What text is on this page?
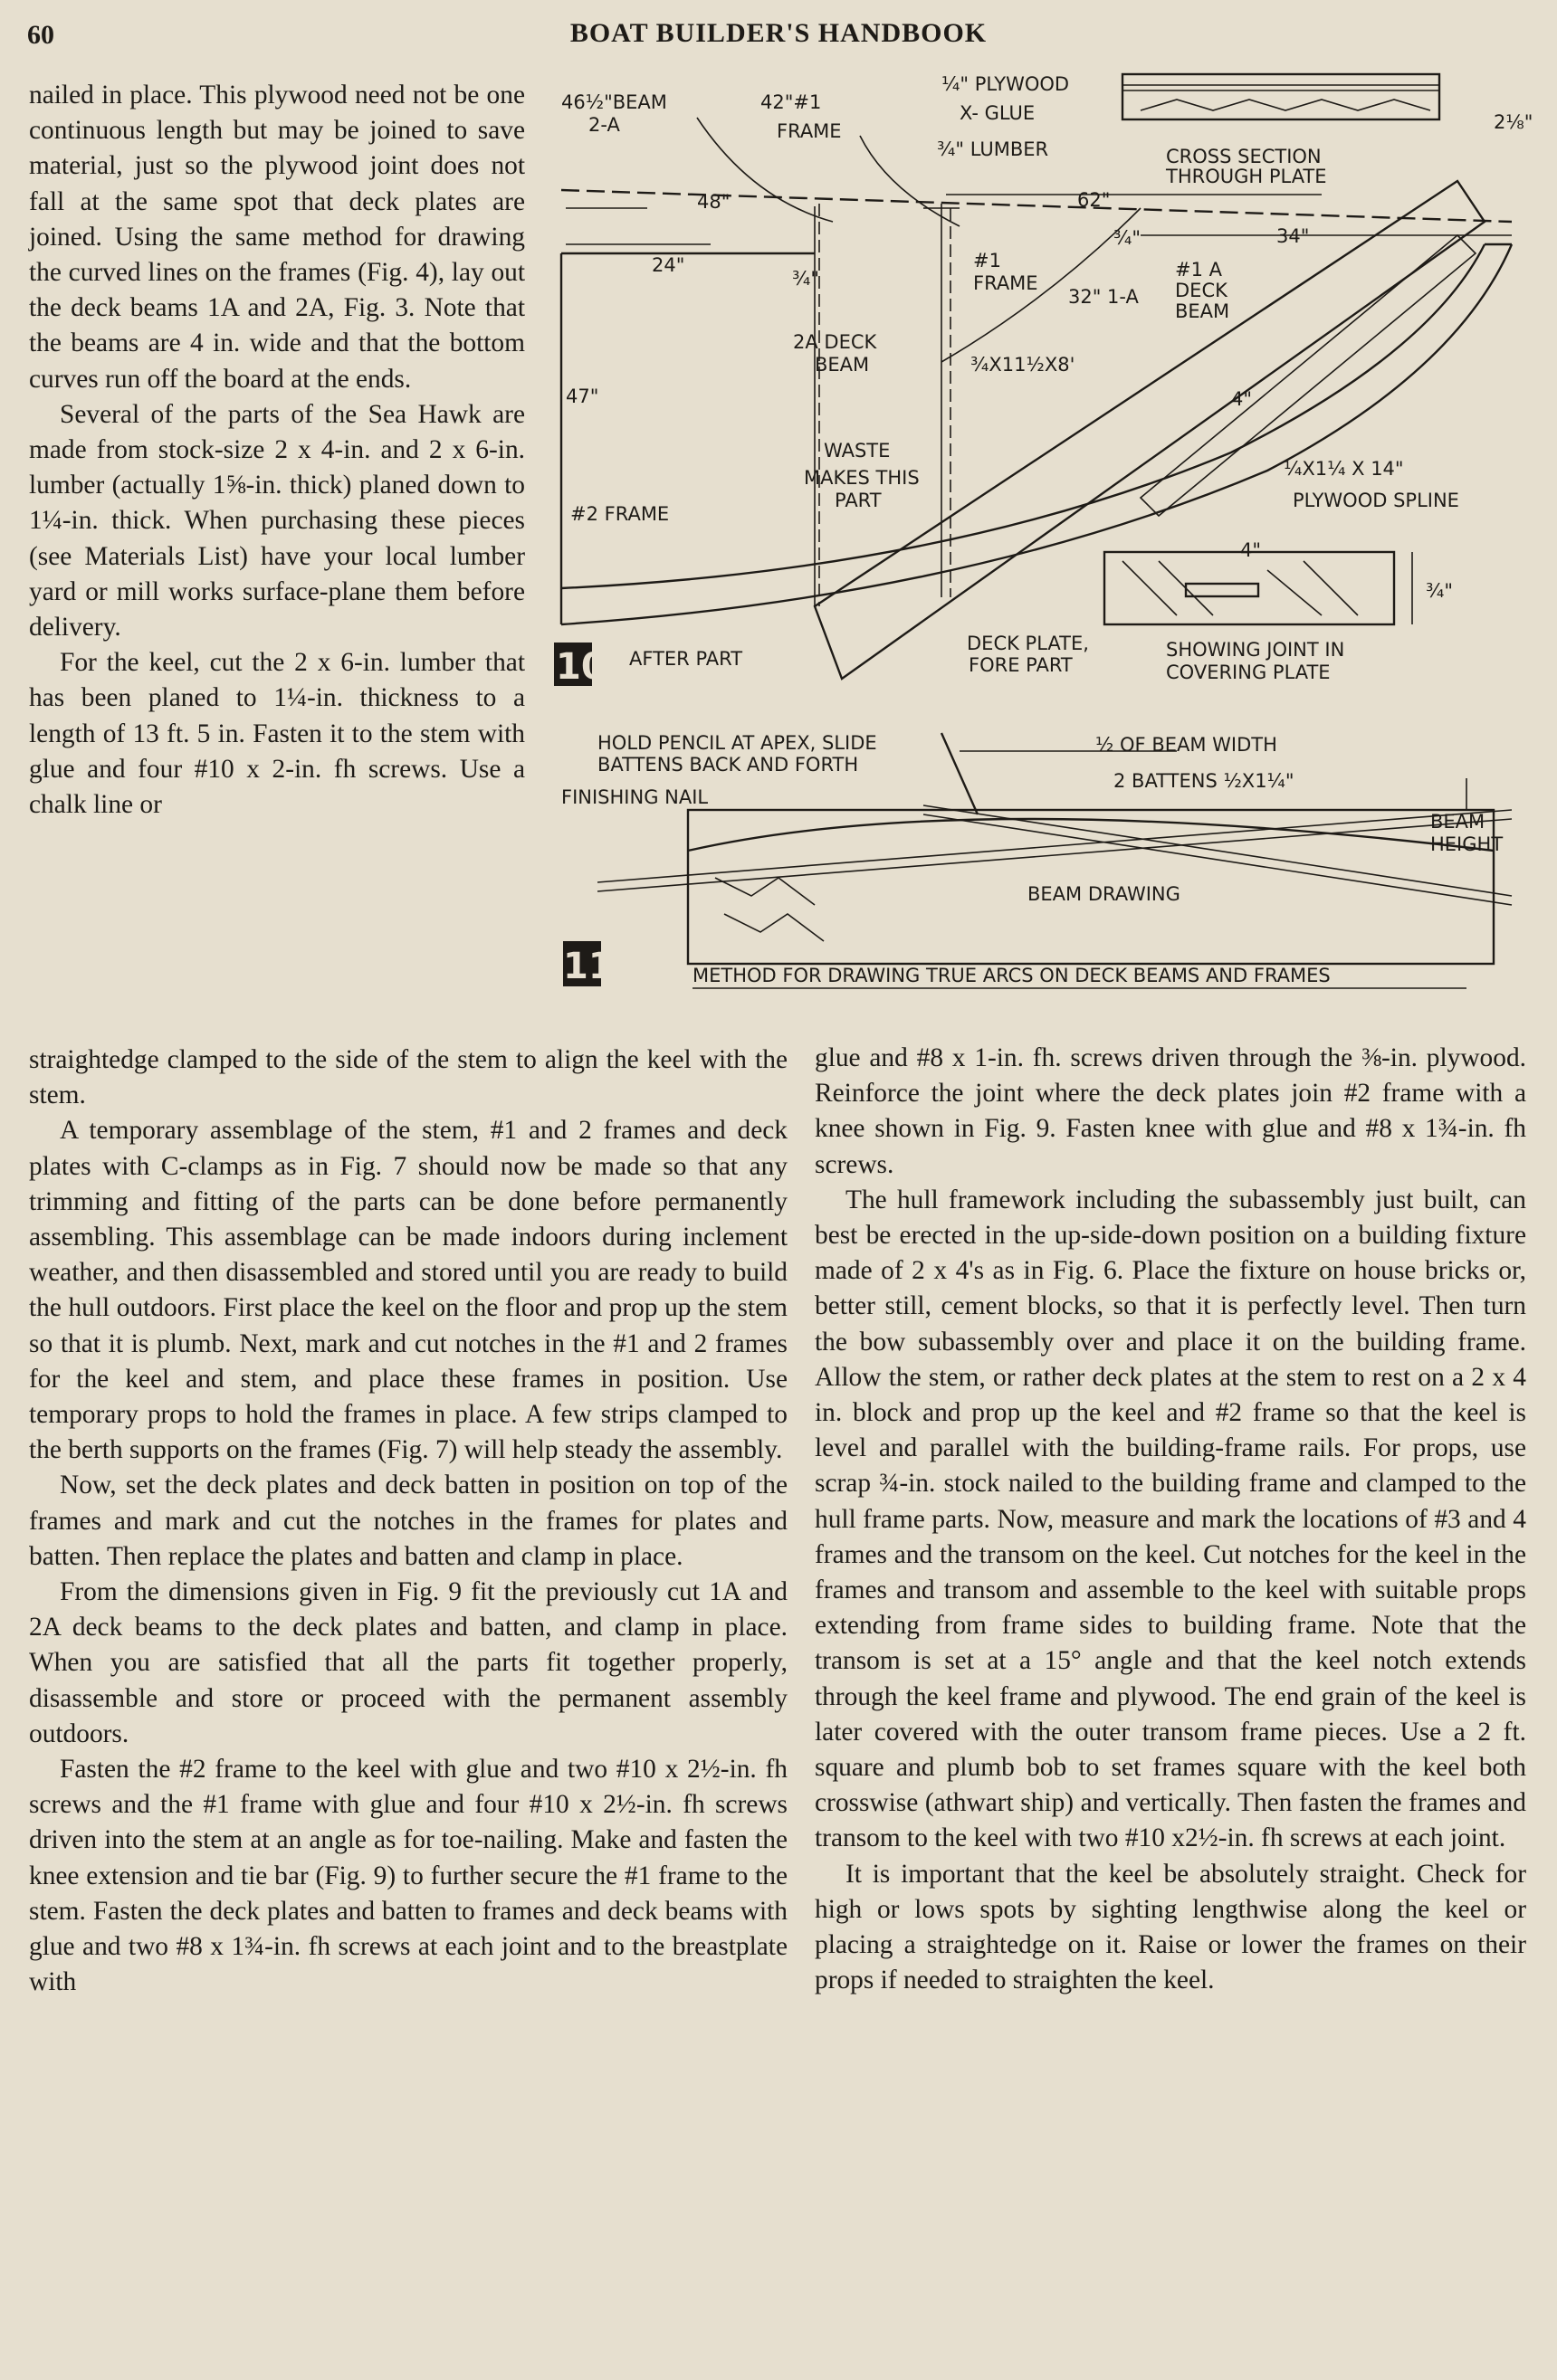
60	BOAT BUILDER'S HANDBOOK

nailed in place. This plywood need not be one continuous length but may be joined to save material, just so the plywood joint does not fall at the same spot that deck plates are joined. Using the same method for drawing the curved lines on the frames (Fig. 4), lay out the deck beams 1A and 2A, Fig. 3. Note that the beams are 4 in. wide and that the bottom curves run off the board at the ends.

Several of the parts of the Sea Hawk are made from stock-size 2 x 4-in. and 2 x 6-in. lumber (actually 1⅝-in. thick) planed down to 1¼-in. thick. When purchasing these pieces (see Materials List) have your local lumber yard or mill works surface-plane them before delivery.

For the keel, cut the 2 x 6-in. lumber that has been planed to 1¼-in. thickness to a length of 13 ft. 5 in. Fasten it to the stem with glue and four #10 x 2-in. fh screws. Use a chalk line or

straightedge clamped to the side of the stem to align the keel with the stem.

A temporary assemblage of the stem, #1 and 2 frames and deck plates with C-clamps as in Fig. 7 should now be made so that any trimming and fitting of the parts can be done before permanently assembling. This assemblage can be made indoors during inclement weather, and then disassembled and stored until you are ready to build the hull outdoors. First place the keel on the floor and prop up the stem so that it is plumb. Next, mark and cut notches in the #1 and 2 frames for the keel and stem, and place these frames in position. Use temporary props to hold the frames in place. A few strips clamped to the berth supports on the frames (Fig. 7) will help steady the assembly.

Now, set the deck plates and deck batten in position on top of the frames and mark and cut the notches in the frames for plates and batten. Then replace the plates and batten and clamp in place.

From the dimensions given in Fig. 9 fit the previously cut 1A and 2A deck beams to the deck plates and batten, and clamp in place. When you are satisfied that all the parts fit together properly, disassemble and store or proceed with the permanent assembly outdoors.

Fasten the #2 frame to the keel with glue and two #10 x 2½-in. fh screws and the #1 frame with glue and four #10 x 2½-in. fh screws driven into the stem at an angle as for toe-nailing. Make and fasten the knee extension and tie bar (Fig. 9) to further secure the #1 frame to the stem. Fasten the deck plates and batten to frames and deck beams with glue and two #8 x 1¾-in. fh screws at each joint and to the breastplate with

glue and #8 x 1-in. fh. screws driven through the ⅜-in. plywood. Reinforce the joint where the deck plates join #2 frame with a knee shown in Fig. 9. Fasten knee with glue and #8 x 1¾-in. fh screws.

The hull framework including the subassembly just built, can best be erected in the up-side-down position on a building fixture made of 2 x 4's as in Fig. 6. Place the fixture on house bricks or, better still, cement blocks, so that it is perfectly level. Then turn the bow subassembly over and place it on the building frame. Allow the stem, or rather deck plates at the stem to rest on a 2 x 4 in. block and prop up the keel and #2 frame so that the keel is level and parallel with the building-frame rails. For props, use scrap ¾-in. stock nailed to the building frame and clamped to the hull frame parts. Now, measure and mark the locations of #3 and 4 frames and the transom on the keel. Cut notches for the keel in the frames and transom and assemble to the keel with suitable props extending from frame sides to building frame. Note that the transom is set at a 15° angle and that the keel notch extends through the keel frame and plywood. The end grain of the keel is later covered with the outer transom frame pieces. Use a 2 ft. square and plumb bob to set frames square with the keel both crosswise (athwart ship) and vertically. Then fasten the frames and transom to the keel with two #10 x2½-in. fh screws at each joint.

It is important that the keel be absolutely straight. Check for high or lows spots by sighting lengthwise along the keel or placing a straightedge on it. Raise or lower the frames on their props if needed to straighten the keel.

46½"BEAM
2-A
42"#1
FRAME
¼" PLYWOOD
X- GLUE
¾" LUMBER	CROSS SECTION
THROUGH PLATE
2⅛"
48"	62"
24"
34"
¾"
¾"
#1
FRAME
32" 1-A
#1 A
DECK
BEAM
2A DECK
BEAM	¾X11½X8'
47"	4"
WASTE
MAKES THIS
PART
¼X1¼ X 14"
PLYWOOD SPLINE
#2 FRAME
4"
¾"
10 AFTER PART
DECK PLATE,
FORE PART
SHOWING JOINT IN
COVERING PLATE
HOLD PENCIL AT APEX, SLIDE
BATTENS BACK AND FORTH
½ OF BEAM WIDTH
2 BATTENS ½X1¼"
FINISHING NAIL
BEAM
HEIGHT
BEAM DRAWING
11	METHOD FOR DRAWING TRUE ARCS ON DECK BEAMS AND FRAMES
